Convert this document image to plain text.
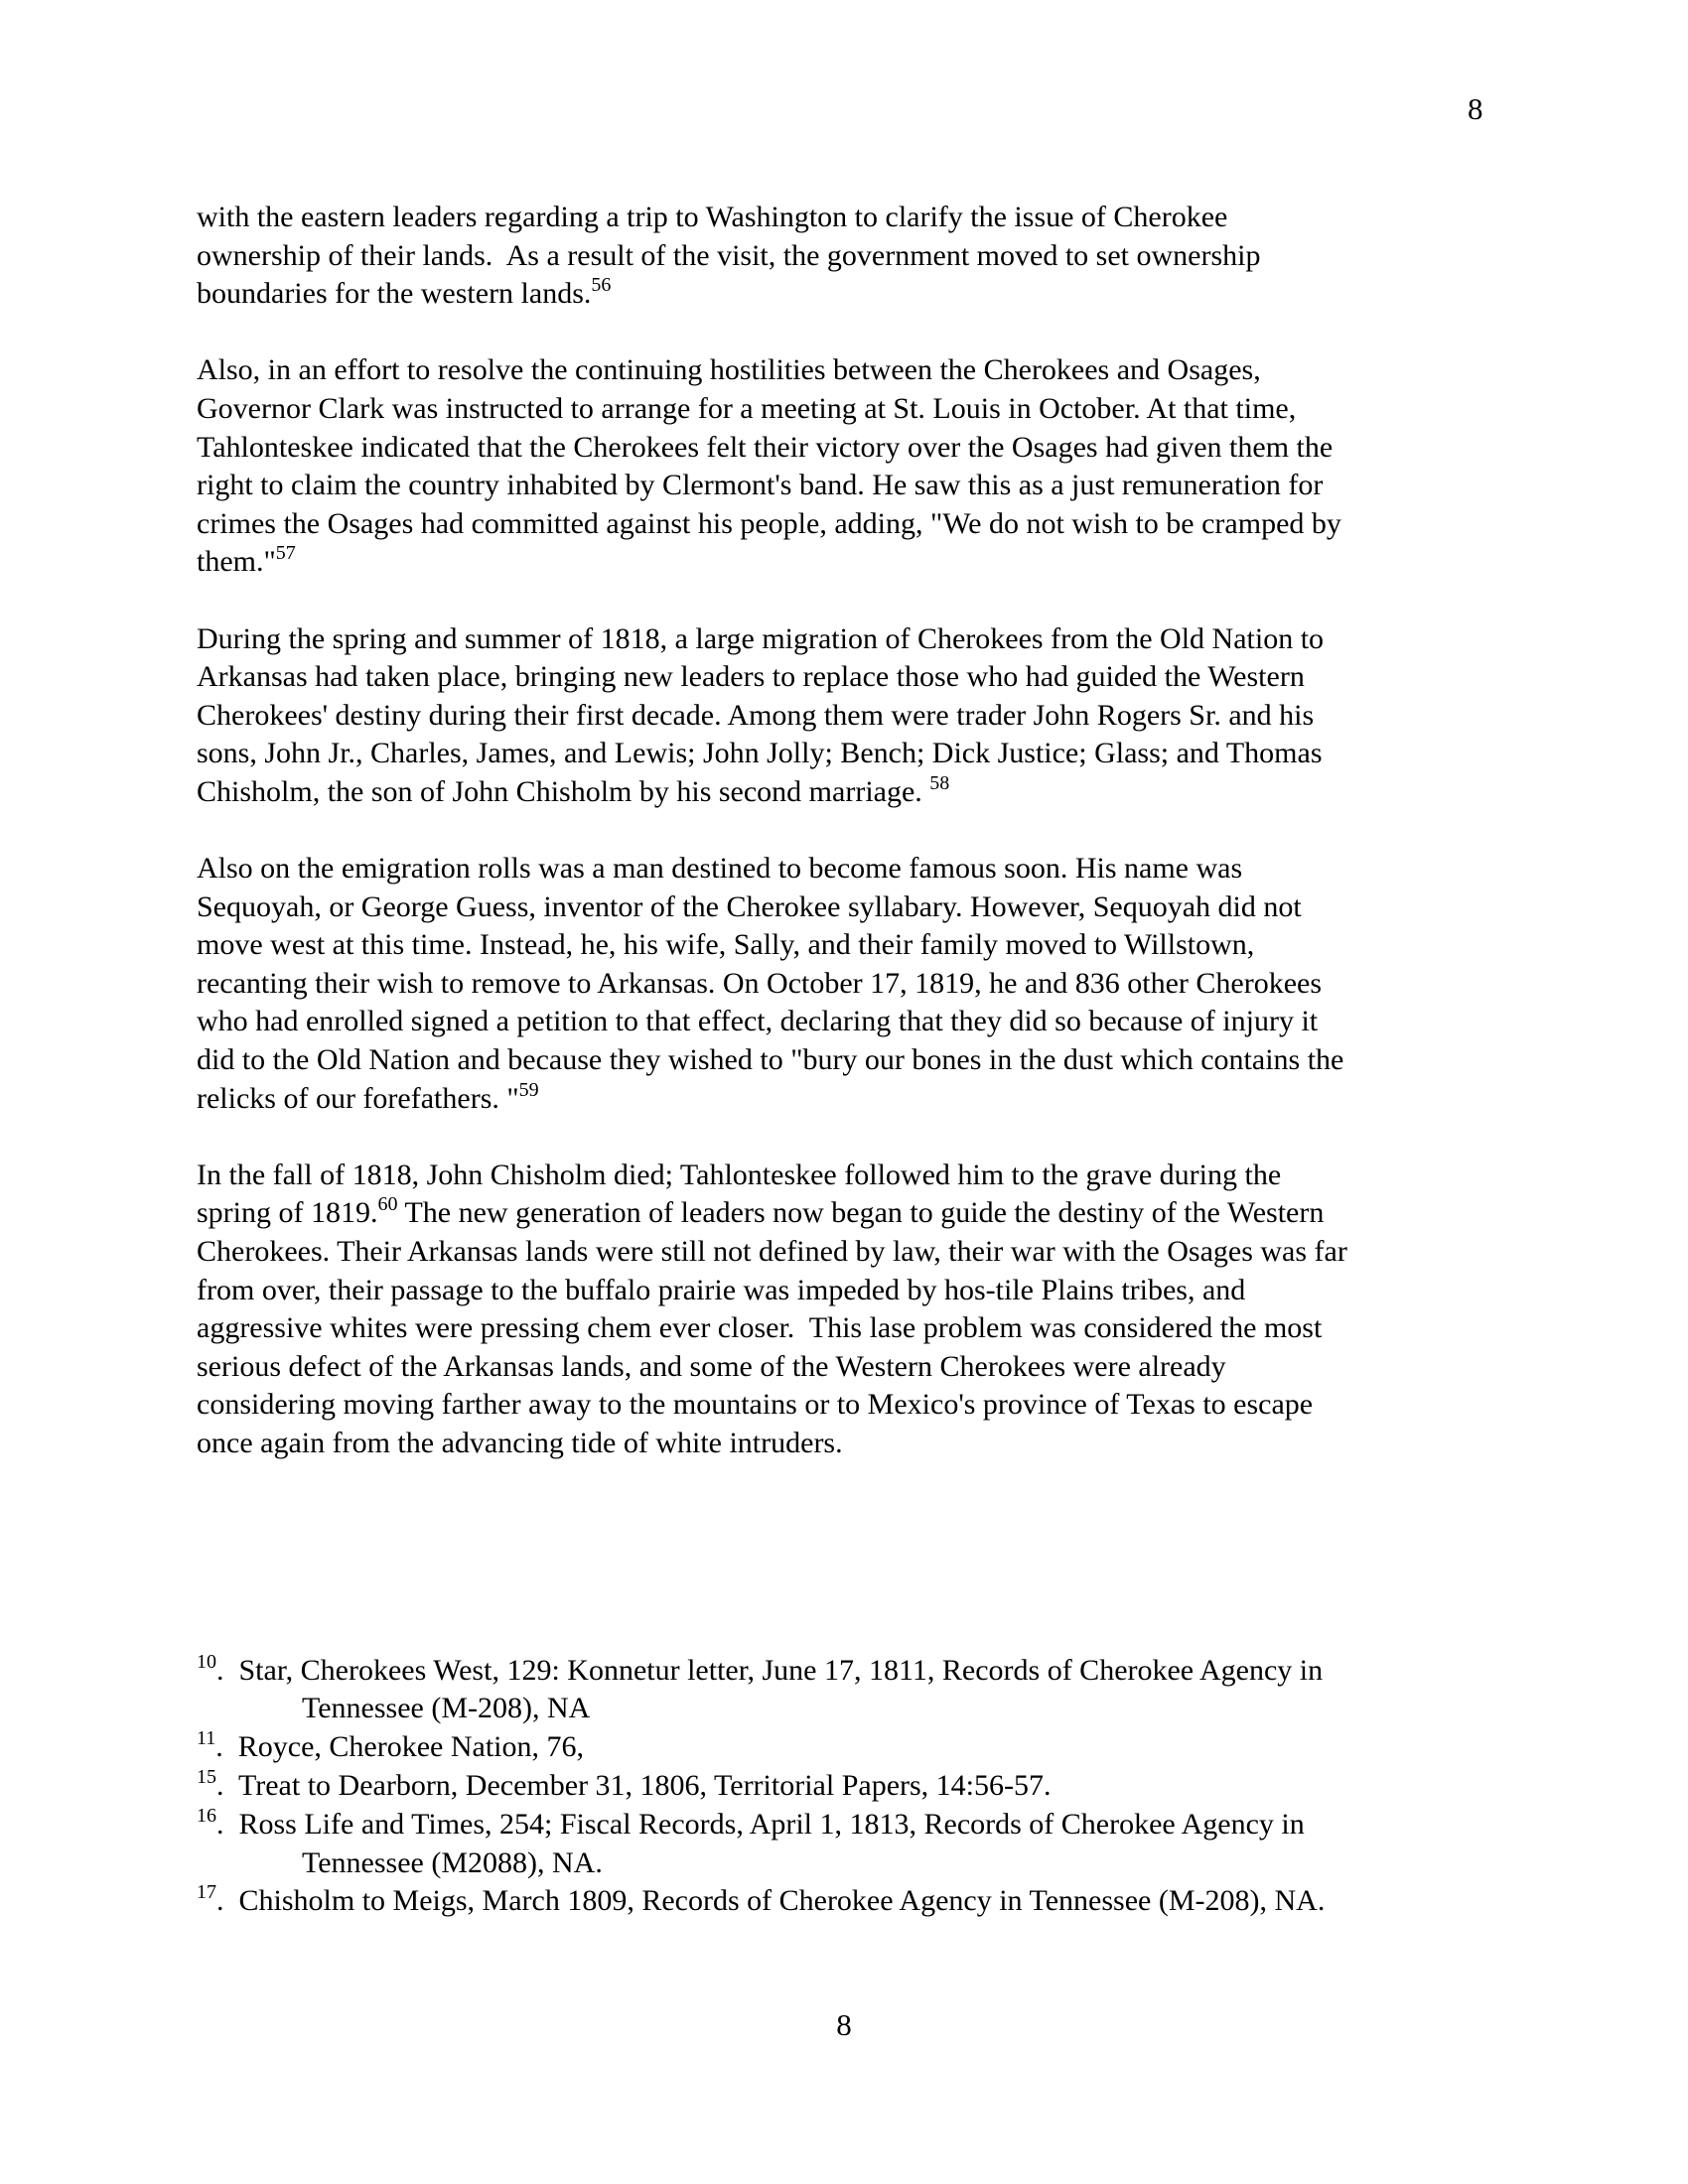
8
with the eastern leaders regarding a trip to Washington to clarify the issue of Cherokee
ownership of their lands.  As a result of the visit, the government moved to set ownership
boundaries for the western lands.$^{56}$
Also, in an effort to resolve the continuing hostilities between the Cherokees and Osages,
Governor Clark was instructed to arrange for a meeting at St. Louis in October. At that time,
Tahlonteskee indicated that the Cherokees felt their victory over the Osages had given them the
right to claim the country inhabited by Clermont's band. He saw this as a just remuneration for
crimes the Osages had committed against his people, adding, "We do not wish to be cramped by
them."$^{57}$
During the spring and summer of 1818, a large migration of Cherokees from the Old Nation to
Arkansas had taken place, bringing new leaders to replace those who had guided the Western
Cherokees' destiny during their first decade. Among them were trader John Rogers Sr. and his
sons, John Jr., Charles, James, and Lewis; John Jolly; Bench; Dick Justice; Glass; and Thomas
Chisholm, the son of John Chisholm by his second marriage. $^{58}$
Also on the emigration rolls was a man destined to become famous soon. His name was
Sequoyah, or George Guess, inventor of the Cherokee syllabary. However, Sequoyah did not
move west at this time. Instead, he, his wife, Sally, and their family moved to Willstown,
recanting their wish to remove to Arkansas. On October 17, 1819, he and 836 other Cherokees
who had enrolled signed a petition to that effect, declaring that they did so because of injury it
did to the Old Nation and because they wished to "bury our bones in the dust which contains the
relicks of our forefathers. "$^{59}$
In the fall of 1818, John Chisholm died; Tahlonteskee followed him to the grave during the
spring of 1819.60 The new generation of leaders now began to guide the destiny of the Western
Cherokees. Their Arkansas lands were still not defined by law, their war with the Osages was far
from over, their passage to the buffalo prairie was impeded by hos-tile Plains tribes, and
aggressive whites were pressing chem ever closer.  This lase problem was considered the most
serious defect of the Arkansas lands, and some of the Western Cherokees were already
considering moving farther away to the mountains or to Mexico's province of Texas to escape
once again from the advancing tide of white intruders.
$^{10}$.  Star, Cherokees West, 129: Konnetur letter, June 17, 1811, Records of Cherokee Agency in
Tennessee (M-208), NA
$^{11}$.  Royce, Cherokee Nation, 76,
$^{15}$.  Treat to Dearborn, December 31, 1806, Territorial Papers, 14:56-57.
$^{16}$.  Ross Life and Times, 254; Fiscal Records, April 1, 1813, Records of Cherokee Agency in
Tennessee (M2088), NA.
$^{17}$.  Chisholm to Meigs, March 1809, Records of Cherokee Agency in Tennessee (M-208), NA.
8
